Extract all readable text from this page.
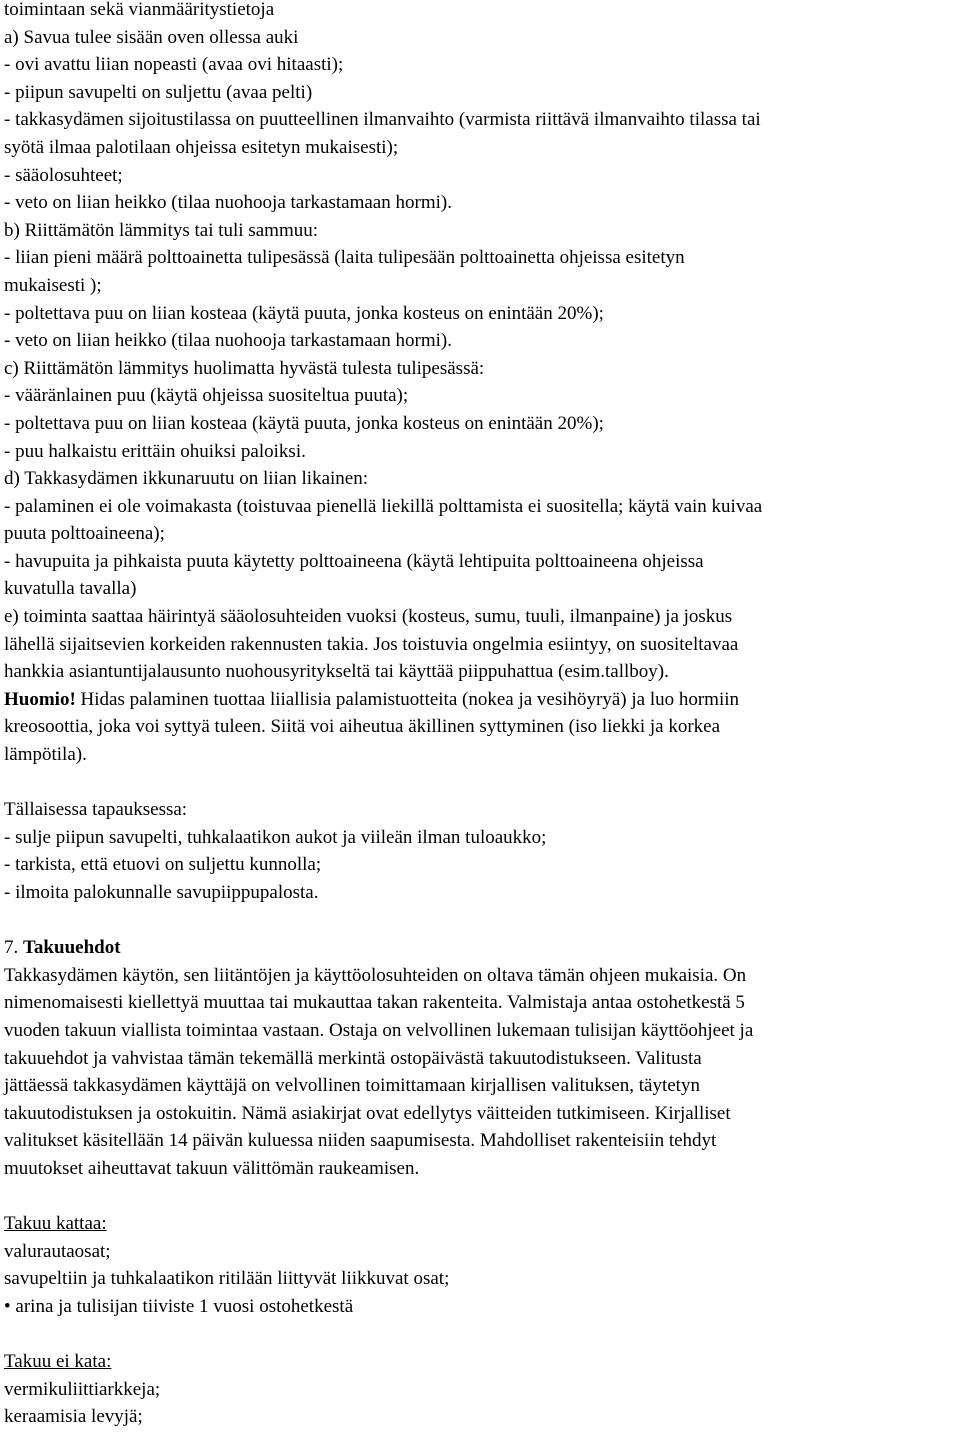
toimintaan sekä vianmääritystietoja
a) Savua tulee sisään oven ollessa auki
- ovi avattu liian nopeasti (avaa ovi hitaasti);
- piipun savupelti on suljettu (avaa pelti)
- takkasydämen sijoitustilassa on puutteellinen ilmanvaihto (varmista riittävä ilmanvaihto tilassa tai
syötä ilmaa palotilaan ohjeissa esitetyn mukaisesti);
- sääolosuhteet;
- veto on liian heikko (tilaa nuohooja tarkastamaan hormi).
b) Riittämätön lämmitys tai tuli sammuu:
- liian pieni määrä polttoainetta tulipesässä (laita tulipesään polttoainetta ohjeissa esitetyn
mukaisesti );
- poltettava puu on liian kosteaa (käytä puuta, jonka kosteus on enintään 20%);
- veto on liian heikko (tilaa nuohooja tarkastamaan hormi).
c) Riittämätön lämmitys huolimatta hyvästä tulesta tulipesässä:
- vääränlainen puu (käytä ohjeissa suositeltua puuta);
- poltettava puu on liian kosteaa (käytä puuta, jonka kosteus on enintään 20%);
- puu halkaistu erittäin ohuiksi paloiksi.
d) Takkasydämen ikkunaruutu on liian likainen:
- palaminen ei ole voimakasta (toistuvaa pienellä liekillä polttamista ei suositella; käytä vain kuivaa
puuta polttoaineena);
- havupuita ja pihkaista puuta käytetty polttoaineena (käytä lehtipuita polttoaineena ohjeissa
kuvatulla tavalla)
e) toiminta saattaa häirintyä sääolosuhteiden vuoksi (kosteus, sumu, tuuli, ilmanpaine) ja joskus
lähellä sijaitsevien korkeiden rakennusten takia. Jos toistuvia ongelmia esiintyy, on suositeltavaa
hankkia asiantuntijalausunto nuohousyritykseltä tai käyttää piippuhattua (esim.tallboy).
Huomio! Hidas palaminen tuottaa liiallisia palamistuotteita (nokea ja vesihöyryä) ja luo hormiin
kreosoottia, joka voi syttyä tuleen. Siitä voi aiheutua äkillinen syttyminen (iso liekki ja korkea
lämpötila).
Tällaisessa tapauksessa:
- sulje piipun savupelti, tuhkalaatikon aukot ja viileän ilman tuloaukko;
- tarkista, että etuovi on suljettu kunnolla;
- ilmoita palokunnalle savupiippupalosta.
7. Takuuehdot
Takkasydämen käytön, sen liitäntöjen ja käyttöolosuhteiden on oltava tämän ohjeen mukaisia. On
nimenomaisesti kiellettyä muuttaa tai mukauttaa takan rakenteita. Valmistaja antaa ostohetkestä 5
vuoden takuun viallista toimintaa vastaan. Ostaja on velvollinen lukemaan tulisijan käyttöohjeet ja
takuuehdot ja vahvistaa tämän tekemällä merkintä ostopäivästä takuutodistukseen. Valitusta
jättäessä takkasydämen käyttäjä on velvollinen toimittamaan kirjallisen valituksen, täytetyn
takuutodistuksen ja ostokuitin. Nämä asiakirjat ovat edellytys väitteiden tutkimiseen. Kirjalliset
valitukset käsitellään 14 päivän kuluessa niiden saapumisesta. Mahdolliset rakenteisiin tehdyt
muutokset aiheuttavat takuun välittömän raukeamisen.
Takuu kattaa:
valurautaosat;
savupeltiin ja tuhkalaatikon ritilään liittyvät liikkuvat osat;
• arina ja tulisijan tiiviste 1 vuosi ostohetkestä
Takuu ei kata:
vermikuliittiarkkeja;
keraamisia levyjä;
